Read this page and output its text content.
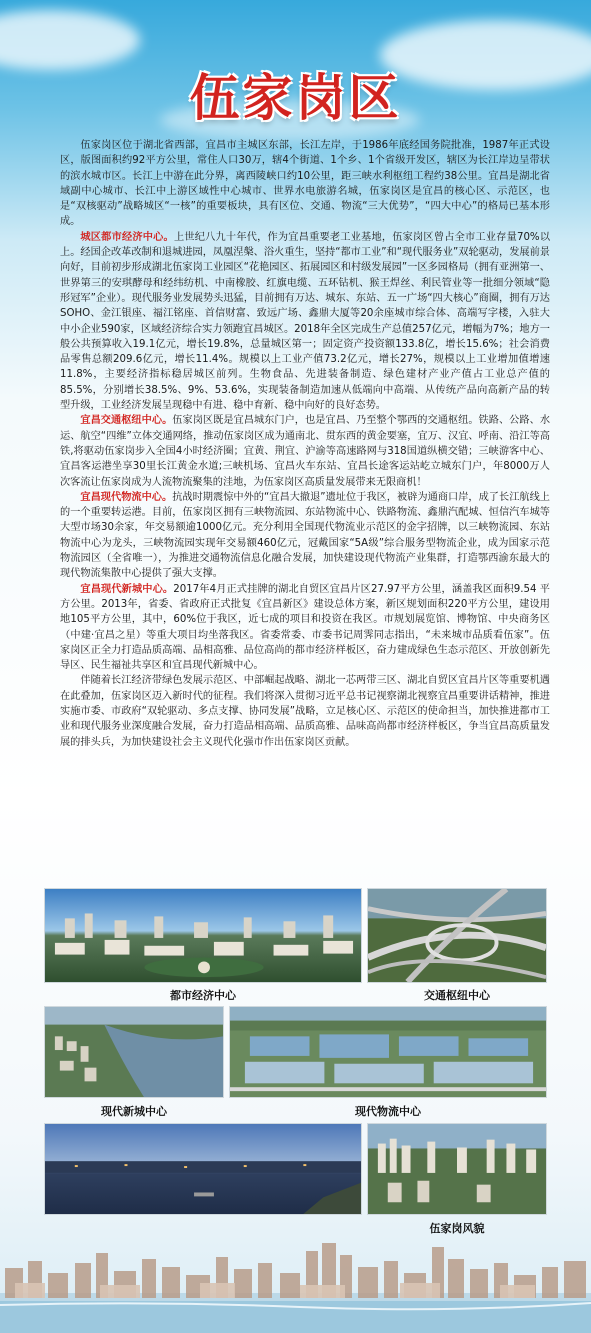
伍家岗区

伍家岗区位于湖北省西部，宜昌市主城区东部，长江左岸，于1986年底经国务院批准，1987年正式设区，版图面积约92平方公里，常住人口30万，辖4个街道、1个乡、1个省级开发区，辖区为长江岸边呈带状的滨水城市区。长江上中游在此分界，离西陵峡口约10公里，距三峡水利枢纽工程约38公里。宜昌是湖北省域副中心城市、长江中上游区域性中心城市、世界水电旅游名城，伍家岗区是宜昌的核心区、示范区，也是“双核驱动”战略城区“一核”的重要板块，具有区位、交通、物流“三大优势”，“四大中心”的格局已基本形成。

城区都市经济中心。上世纪八九十年代，作为宜昌重要老工业基地，伍家岗区曾占全市工业存量70%以上。经国企改革改制和退城进园，凤凰涅槃、浴火重生，坚持“都市工业”和“现代服务业”双轮驱动，发展前景向好，目前初步形成湖北伍家岗工业园区“花艳园区、拓展园区和村级发展园”一区多园格局（拥有亚洲第一、世界第三的安琪酵母和经纬纺机、中南橡胶、红旗电缆、五环钻机、猴王焊丝、利民管业等一批细分领域“隐形冠军”企业）。现代服务业发展势头迅猛，目前拥有万达、城东、东站、五一广场“四大核心”商圈，拥有万达SOHO、金江银座、福江铭座、首信财富、致远广场、鑫鼎大厦等20余座城市综合体、高端写字楼，入驻大中小企业590家，区域经济综合实力领跑宜昌城区。2018年全区完成生产总值257亿元，增幅为7%；地方一般公共预算收入19.1亿元，增长19.8%，总量城区第一；固定资产投资额133.8亿，增长15.6%；社会消费品零售总额209.6亿元，增长11.4%。规模以上工业产值73.2亿元，增长27%，规模以上工业增加值增速11.8%，主要经济指标稳居城区前列。生物食品、先进装备制造、绿色建材产业产值占工业总产值的85.5%，分别增长38.5%、9%、53.6%，实现装备制造加速从低端向中高端、从传统产品向高新产品的转型升级，工业经济发展呈现稳中有进、稳中育新、稳中向好的良好态势。

宜昌交通枢纽中心。伍家岗区既是宜昌城东门户，也是宜昌、乃至整个鄂西的交通枢纽。铁路、公路、水运、航空“四维”立体交通网络，推动伍家岗区成为通南北、贯东西的黄金要塞，宜万、汉宜、呼南、沿江等高铁,将驱动伍家岗步入全国4小时经济圈；宜黄、荆宜、沪渝等高速路网与318国道纵横交错；三峡游客中心、宜昌客运港坐享30里长江黄金水道;三峡机场、宜昌火车东站、宜昌长途客运站屹立城东门户，年8000万人次客流让伍家岗成为人流物流聚集的洼地，为伍家岗区高质量发展带来无限商机！

宜昌现代物流中心。抗战时期震惊中外的“宜昌大撤退”遗址位于我区，被辟为通商口岸，成了长江航线上的一个重要转运港。目前，伍家岗区拥有三峡物流园、东站物流中心、铁路物流、鑫鼎汽配城、恒信汽车城等大型市场30余家，年交易额逾1000亿元。充分利用全国现代物流业示范区的金字招牌，以三峡物流园、东站物流中心为龙头，三峡物流园实现年交易额460亿元，冠戴国家“5A级”综合服务型物流企业，成为国家示范物流园区（全省唯一），为推进交通物流信息化融合发展，加快建设现代物流产业集群，打造鄂西渝东最大的现代物流集散中心提供了强大支撑。

宜昌现代新城中心。2017年4月正式挂牌的湖北自贸区宜昌片区27.97平方公里，涵盖我区面积9.54 平方公里。2013年，省委、省政府正式批复《宜昌新区》建设总体方案，新区规划面积220平方公里，建设用地105平方公里，其中，60%位于我区，近七成的项目和投资在我区。市规划展览馆、博物馆、中央商务区（中建·宜昌之星）等重大项目均坐落我区。省委常委、市委书记周霁同志指出，“未来城市品质看伍家”。伍家岗区正全力打造品质高端、品相高雅、品位高尚的都市经济样板区，奋力建成绿色生态示范区、开放创新先导区、民生福祉共享区和宜昌现代新城中心。

伴随着长江经济带绿色发展示范区、中部崛起战略、湖北一芯两带三区、湖北自贸区宜昌片区等重要机遇在此叠加，伍家岗区迈入新时代的征程。我们将深入贯彻习近平总书记视察湖北视察宜昌重要讲话精神，推进实施市委、市政府“双轮驱动、多点支撑、协同发展”战略，立足核心区、示范区的使命担当，加快推进都市工业和现代服务业深度融合发展，奋力打造品相高端、品质高雅、品味高尚都市经济样板区，争当宜昌高质量发展的排头兵，为加快建设社会主义现代化强市作出伍家岗区贡献。

都市经济中心	交通枢纽中心
现代新城中心	现代物流中心
伍家岗风貌
